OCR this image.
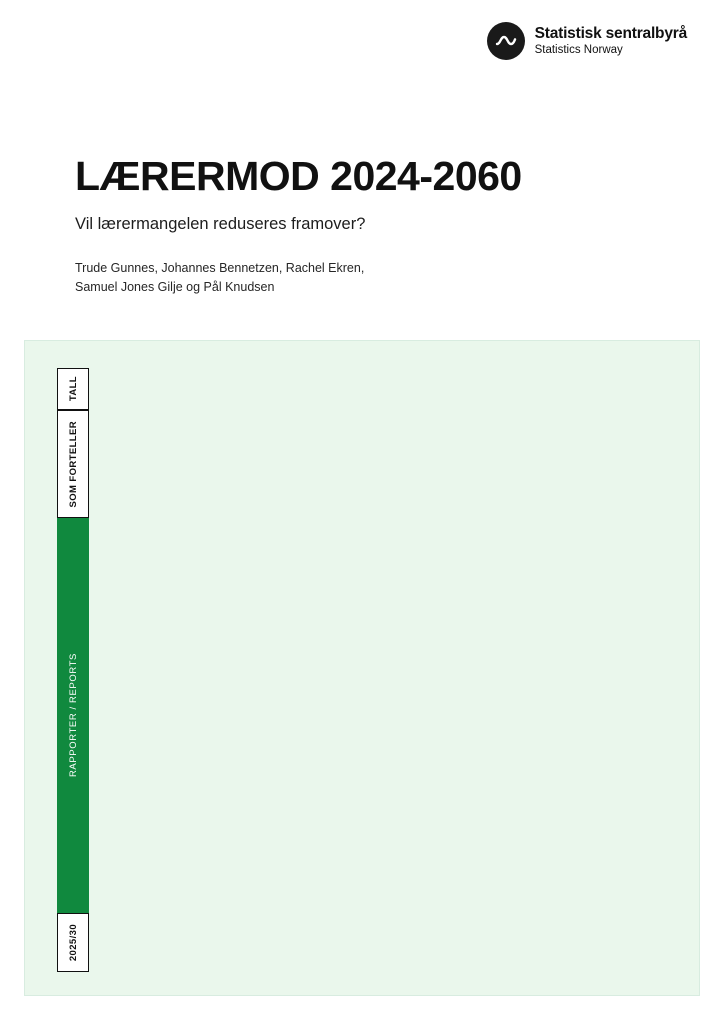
Statistisk sentralbyrå
Statistics Norway
LÆRERMOD 2024-2060

Vil lærermangelen reduseres framover?

Trude Gunnes, Johannes Bennetzen, Rachel Ekren,
Samuel Jones Gilje og Pål Knudsen
TALL
SOM FORTELLER
RAPPORTER / REPORTS
2025/30
